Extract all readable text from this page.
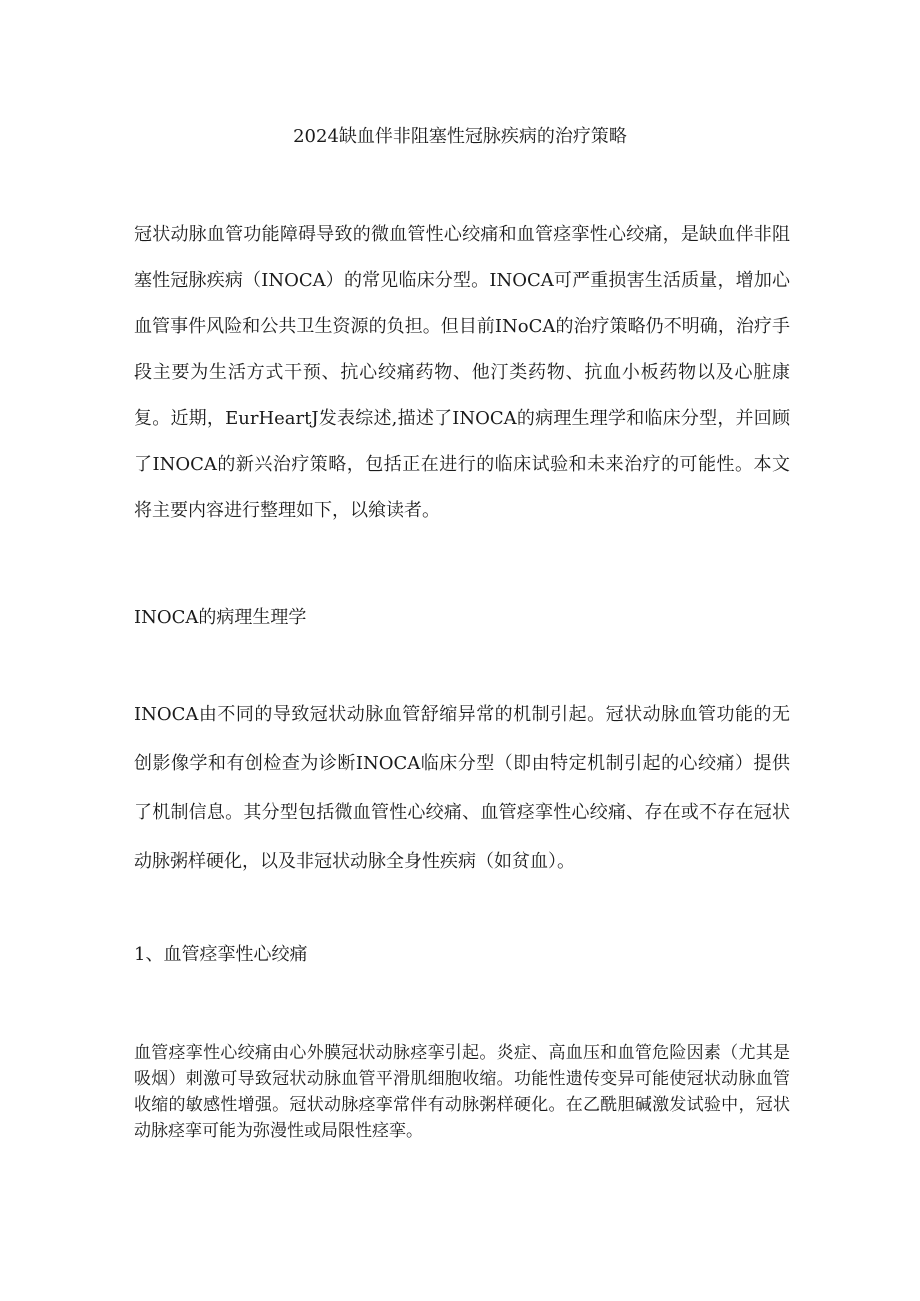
2024缺血伴非阻塞性冠脉疾病的治疗策略

冠状动脉血管功能障碍导致的微血管性心绞痛和血管痉挛性心绞痛，是缺血伴非阻塞性冠脉疾病（INOCA）的常见临床分型。INOCA可严重损害生活质量，增加心血管事件风险和公共卫生资源的负担。但目前INoCA的治疗策略仍不明确，治疗手段主要为生活方式干预、抗心绞痛药物、他汀类药物、抗血小板药物以及心脏康复。近期，EurHeartJ发表综述,描述了INOCA的病理生理学和临床分型，并回顾了INOCA的新兴治疗策略，包括正在进行的临床试验和未来治疗的可能性。本文将主要内容进行整理如下，以飨读者。

INOCA的病理生理学

INOCA由不同的导致冠状动脉血管舒缩异常的机制引起。冠状动脉血管功能的无创影像学和有创检查为诊断INOCA临床分型（即由特定机制引起的心绞痛）提供了机制信息。其分型包括微血管性心绞痛、血管痉挛性心绞痛、存在或不存在冠状动脉粥样硬化，以及非冠状动脉全身性疾病（如贫血）。

1、血管痉挛性心绞痛

血管痉挛性心绞痛由心外膜冠状动脉痉挛引起。炎症、高血压和血管危险因素（尤其是吸烟）刺激可导致冠状动脉血管平滑肌细胞收缩。功能性遗传变异可能使冠状动脉血管收缩的敏感性增强。冠状动脉痉挛常伴有动脉粥样硬化。在乙酰胆碱激发试验中，冠状动脉痉挛可能为弥漫性或局限性痉挛。
